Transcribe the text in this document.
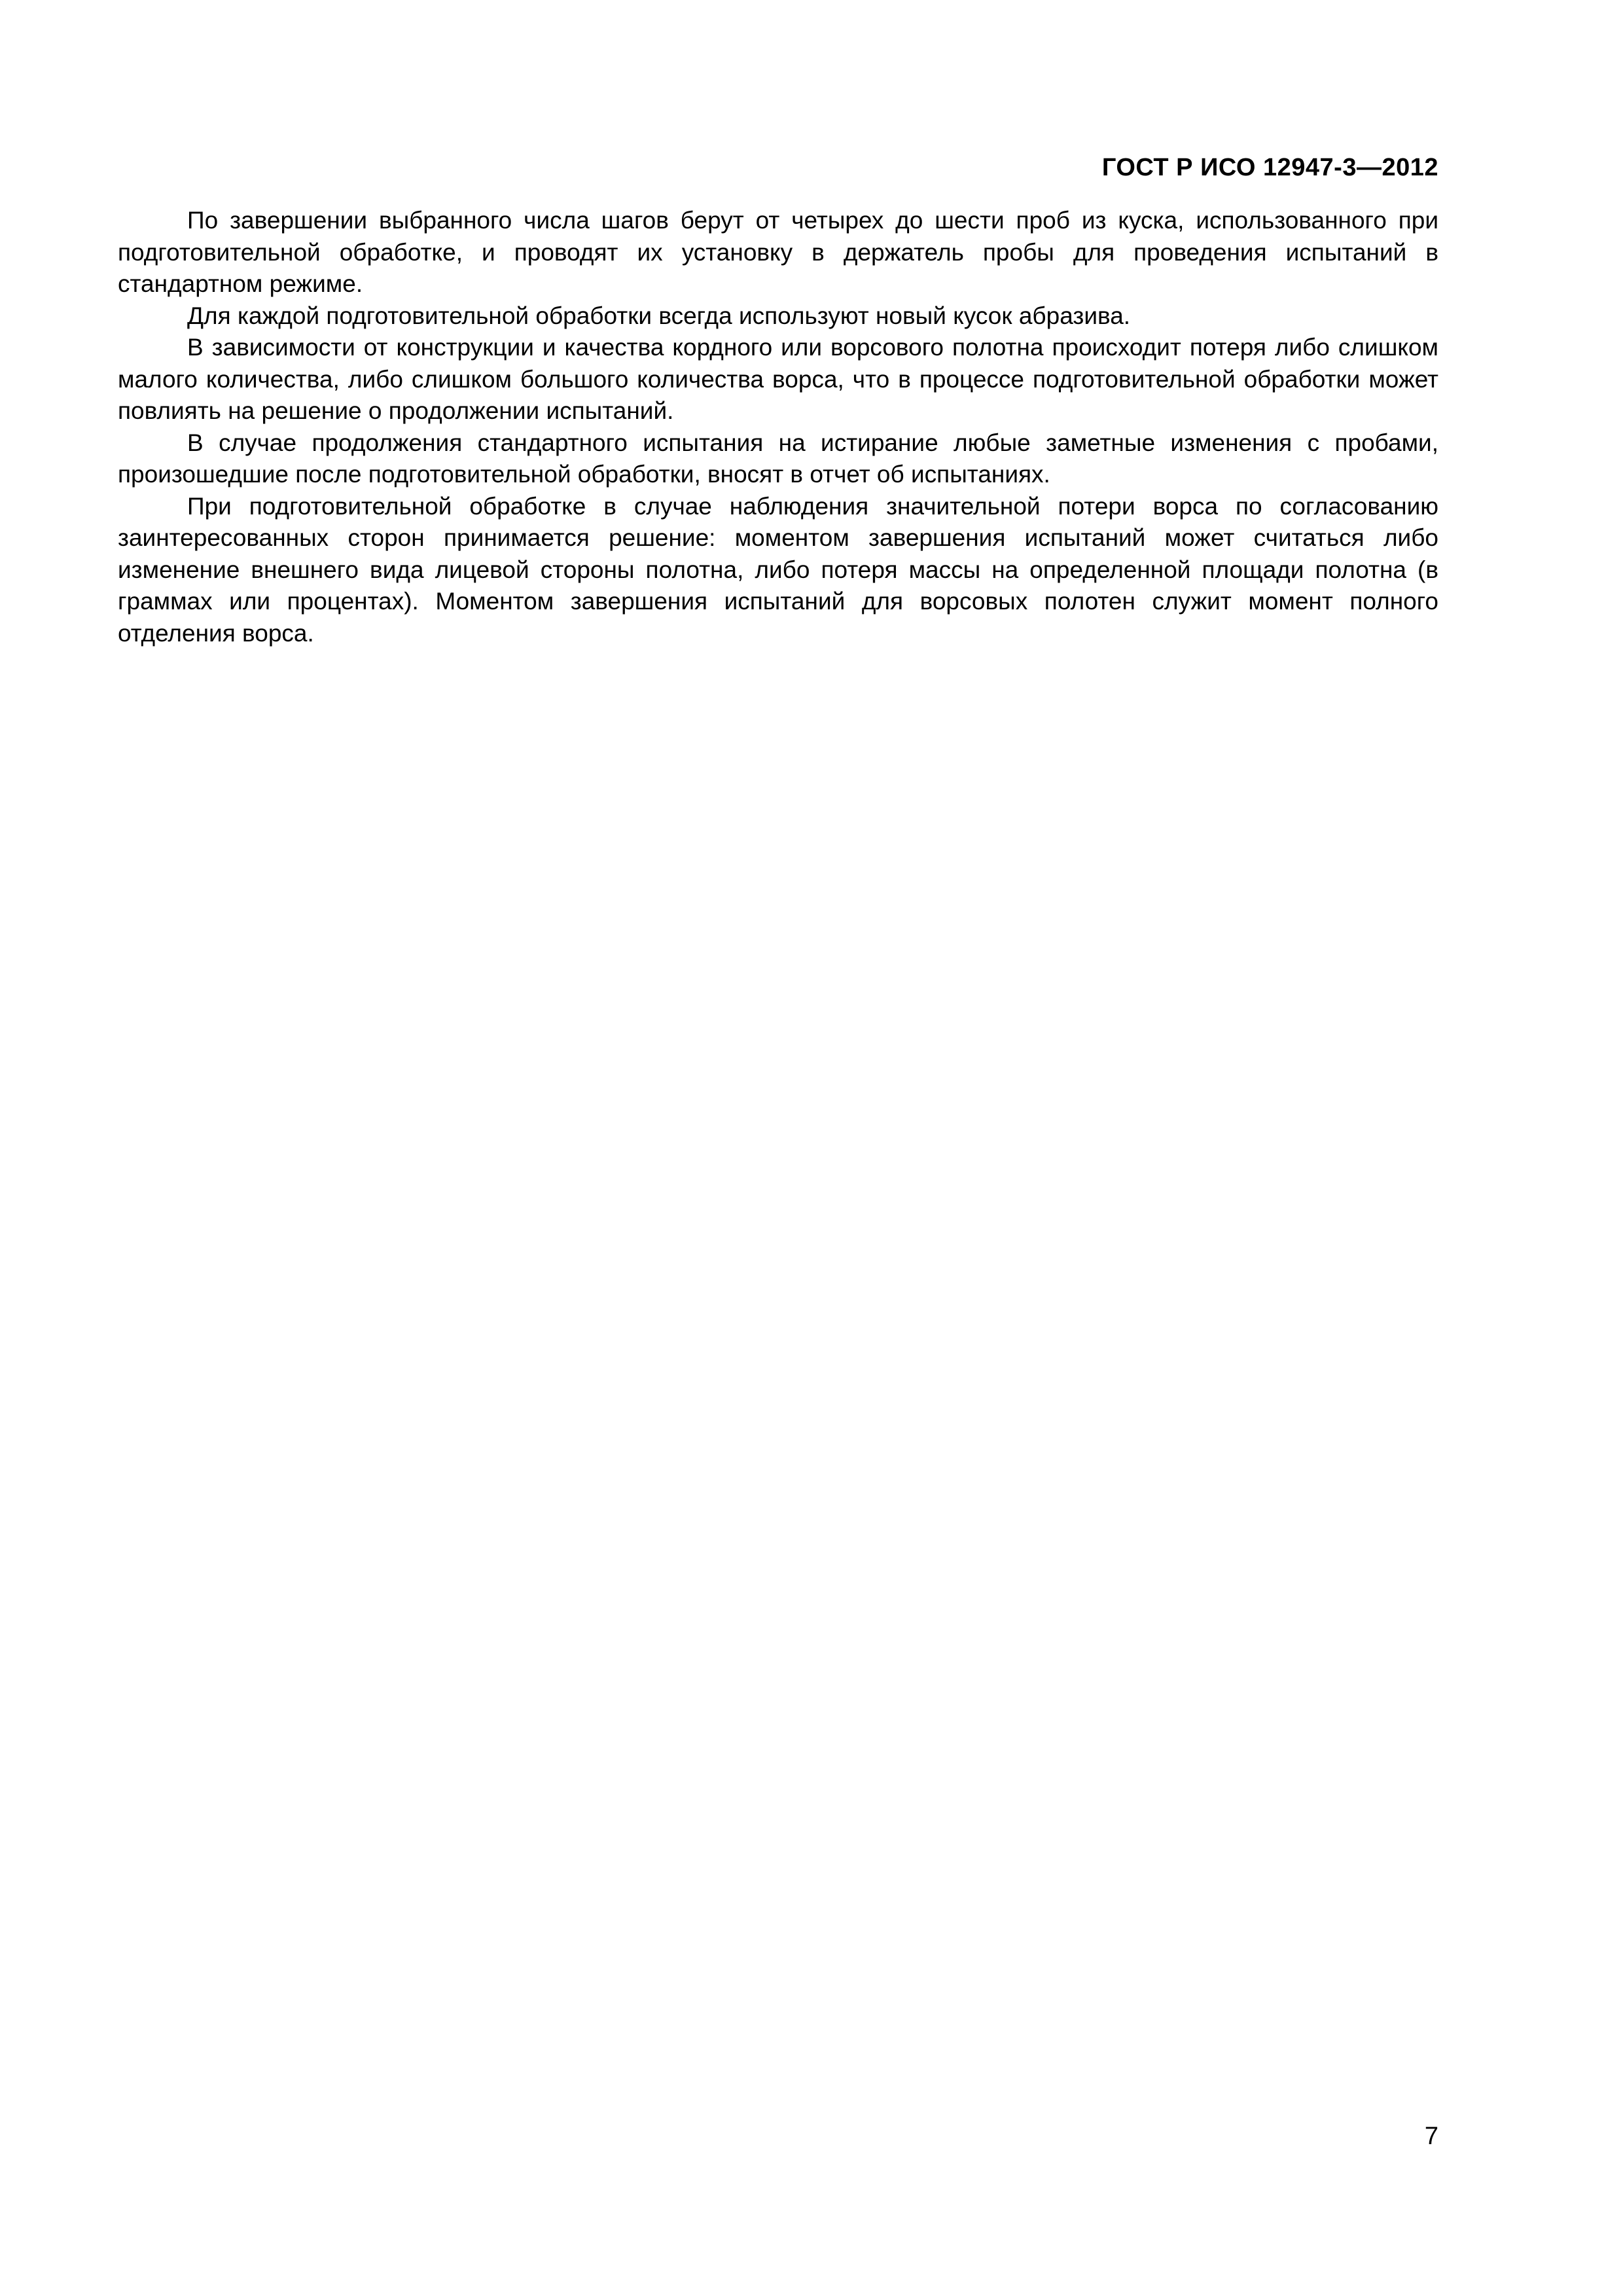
ГОСТ Р ИСО 12947-3—2012

По завершении выбранного числа шагов берут от четырех до шести проб из куска, использованного при подготовительной обработке, и проводят их установку в держатель пробы для проведения испытаний в стандартном режиме.

Для каждой подготовительной обработки всегда используют новый кусок абразива.

В зависимости от конструкции и качества кордного или ворсового полотна происходит потеря либо слишком малого количества, либо слишком большого количества ворса, что в процессе подготовительной обработки может повлиять на решение о продолжении испытаний.

В случае продолжения стандартного испытания на истирание любые заметные изменения с пробами, произошедшие после подготовительной обработки, вносят в отчет об испытаниях.

При подготовительной обработке в случае наблюдения значительной потери ворса по согласованию заинтересованных сторон принимается решение: моментом завершения испытаний может считаться либо изменение внешнего вида лицевой стороны полотна, либо потеря массы на определенной площади полотна (в граммах или процентах). Моментом завершения испытаний для ворсовых полотен служит момент полного отделения ворса.

7
